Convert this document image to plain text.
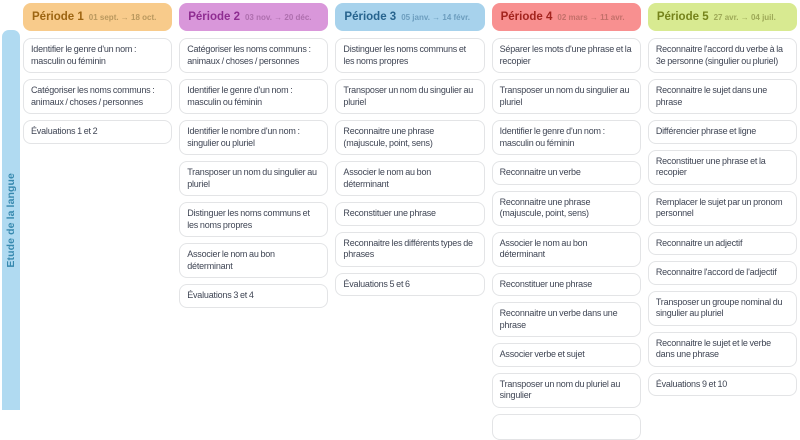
Etude de la langue
Période 1 01 sept. → 18 oct.
Identifier le genre d'un nom : masculin ou féminin
Catégoriser les noms communs : animaux / choses / personnes
Évaluations 1 et 2
Période 2 03 nov. → 20 déc.
Catégoriser les noms communs : animaux / choses / personnes
Identifier le genre d'un nom : masculin ou féminin
Identifier le nombre d'un nom : singulier ou pluriel
Transposer un nom du singulier au pluriel
Distinguer les noms communs et les noms propres
Associer le nom au bon déterminant
Évaluations 3 et 4
Période 3 05 janv. → 14 févr.
Distinguer les noms communs et les noms propres
Transposer un nom du singulier au pluriel
Reconnaitre une phrase (majuscule, point, sens)
Associer le nom au bon déterminant
Reconstituer une phrase
Reconnaitre les différents types de phrases
Évaluations 5 et 6
Période 4 02 mars → 11 avr.
Séparer les mots d'une phrase et la recopier
Transposer un nom du singulier au pluriel
Identifier le genre d'un nom : masculin ou féminin
Reconnaitre un verbe
Reconnaitre une phrase (majuscule, point, sens)
Associer le nom au bon déterminant
Reconstituer une phrase
Reconnaitre un verbe dans une phrase
Associer verbe et sujet
Transposer un nom du pluriel au singulier
Période 5 27 avr. → 04 juil.
Reconnaitre l'accord du verbe à la 3e personne (singulier ou pluriel)
Reconnaitre le sujet dans une phrase
Différencier phrase et ligne
Reconstituer une phrase et la recopier
Remplacer le sujet par un pronom personnel
Reconnaitre un adjectif
Reconnaitre l'accord de l'adjectif
Transposer un groupe nominal du singulier au pluriel
Reconnaitre le sujet et le verbe dans une phrase
Évaluations 9 et 10
